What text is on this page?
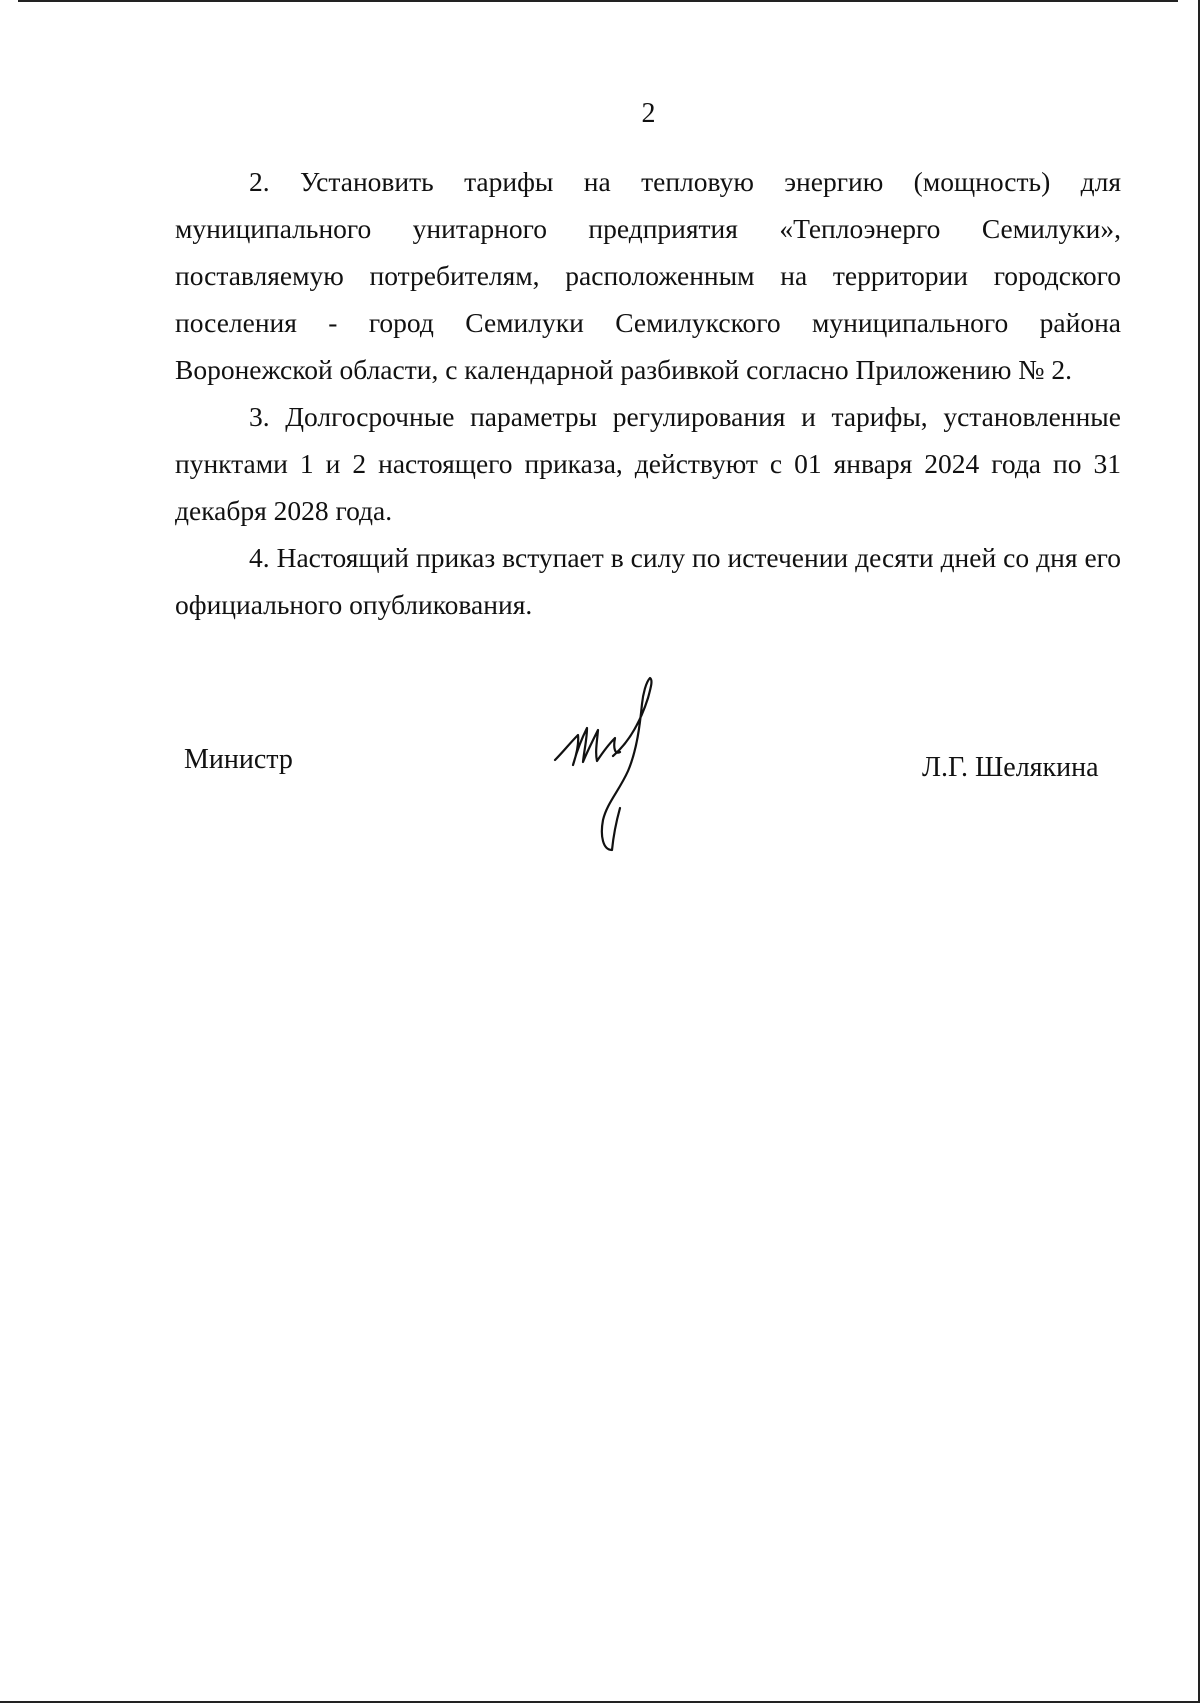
2

2. Установить тарифы на тепловую энергию (мощность) для муниципального унитарного предприятия «Теплоэнерго Семилуки», поставляемую потребителям, расположенным на территории городского поселения - город Семилуки Семилукского муниципального района Воронежской области, с календарной разбивкой согласно Приложению № 2.

3. Долгосрочные параметры регулирования и тарифы, установленные пунктами 1 и 2 настоящего приказа, действуют с 01 января 2024 года по 31 декабря 2028 года.

4. Настоящий приказ вступает в силу по истечении десяти дней со дня его официального опубликования.

Министр	Л.Г. Шелякина
